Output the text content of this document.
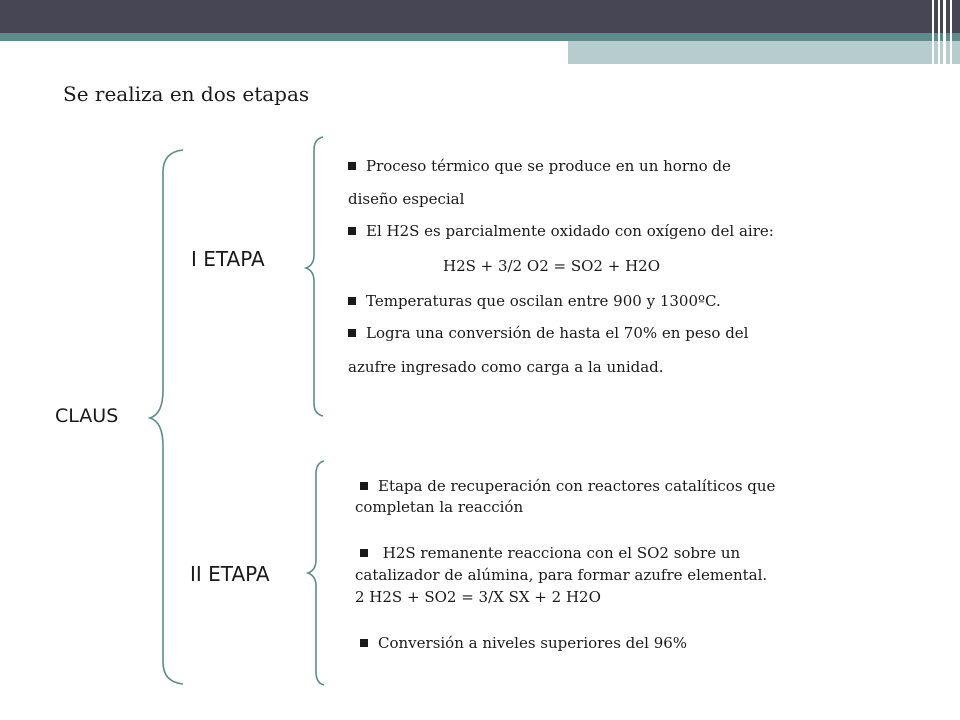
Se realiza en dos etapas
CLAUS
I ETAPA
II ETAPA
Proceso térmico que se produce en un horno de
diseño especial
El H2S es parcialmente oxidado con oxígeno del aire:
H2S + 3/2 O2 = SO2 + H2O
Temperaturas que oscilan entre 900 y 1300ºC.
Logra una conversión de hasta el 70% en peso del
azufre ingresado como carga a la unidad.
Etapa de recuperación con reactores catalíticos que
completan la reacción
H2S remanente reacciona con el SO2 sobre un
catalizador de alúmina, para formar azufre elemental.
2 H2S + SO2 = 3/X SX + 2 H2O
Conversión a niveles superiores del 96%
